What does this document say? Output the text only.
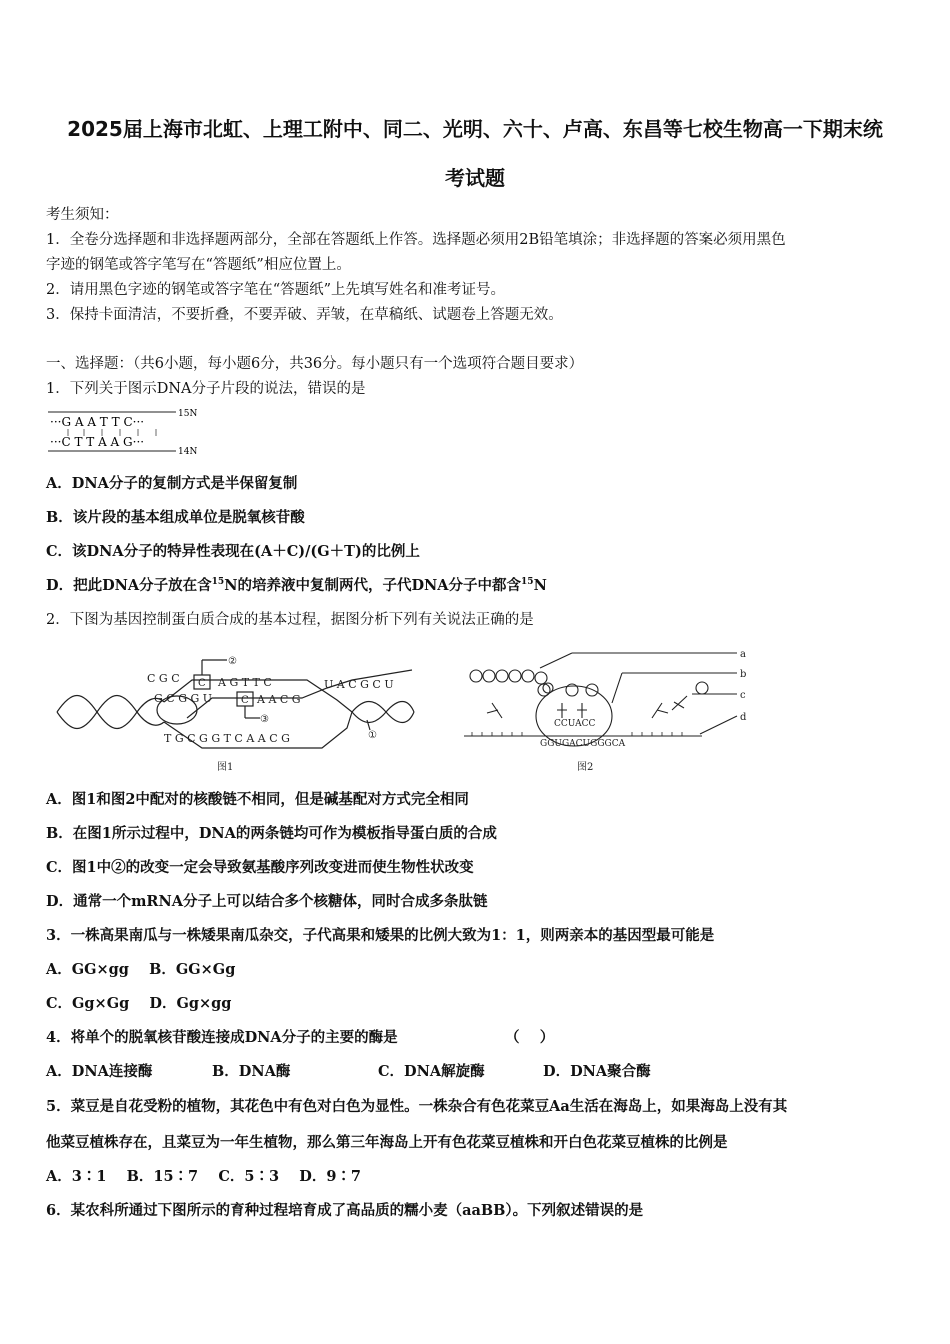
2025届上海市北虹、上理工附中、同二、光明、六十、卢高、东昌等七校生物高一下期末统
考试题
考生须知：
1．全卷分选择题和非选择题两部分，全部在答题纸上作答。选择题必须用2B铅笔填涂；非选择题的答案必须用黑色
字迹的钢笔或答字笔写在“答题纸”相应位置上。
2．请用黑色字迹的钢笔或答字笔在“答题纸”上先填写姓名和准考证号。
3．保持卡面清洁，不要折叠，不要弄破、弄皱，在草稿纸、试题卷上答题无效。
一、选择题：（共6小题，每小题6分，共36分。每小题只有一个选项符合题目要求）
1．下列关于图示DNA分子片段的说法，错误的是
···G A A T T C···
···C T T A A G···
15N
14N
A．DNA分子的复制方式是半保留复制
B．该片段的基本组成单位是脱氧核苷酸
C．该DNA分子的特异性表现在(A＋C)/(G＋T)的比例上
D．把此DNA分子放在含$^{15}$N的培养液中复制两代，子代DNA分子中都含$^{15}$N
2．下图为基因控制蛋白质合成的基本过程，据图分析下列有关说法正确的是
C G C C A G T T C
G C G G U	C A A C G
U A C G C U
T G C G G T C A A C G
②
③
①
图1
CCUACC
GGUGACUGGGCA
a
b
c
d
图2
A．图1和图2中配对的核酸链不相同，但是碱基配对方式完全相同
B．在图1所示过程中，DNA的两条链均可作为模板指导蛋白质的合成
C．图1中②的改变一定会导致氨基酸序列改变进而使生物性状改变
D．通常一个mRNA分子上可以结合多个核糖体，同时合成多条肽链
3．一株高果南瓜与一株矮果南瓜杂交，子代高果和矮果的比例大致为1：1，则两亲本的基因型最可能是
A．GG×gg    B．GG×Gg
C．Gg×Gg    D．Gg×gg
4．将单个的脱氧核苷酸连接成DNA分子的主要的酶是	（    ）
A．DNA连接酶	B．DNA酶	C．DNA解旋酶	D．DNA聚合酶
5．菜豆是自花受粉的植物，其花色中有色对白色为显性。一株杂合有色花菜豆Aa生活在海岛上，如果海岛上没有其
他菜豆植株存在，且菜豆为一年生植物，那么第三年海岛上开有色花菜豆植株和开白色花菜豆植株的比例是
A．3∶1    B．15∶7    C．5∶3    D．9∶7
6．某农科所通过下图所示的育种过程培育成了高品质的糯小麦（aaBB）。下列叙述错误的是
